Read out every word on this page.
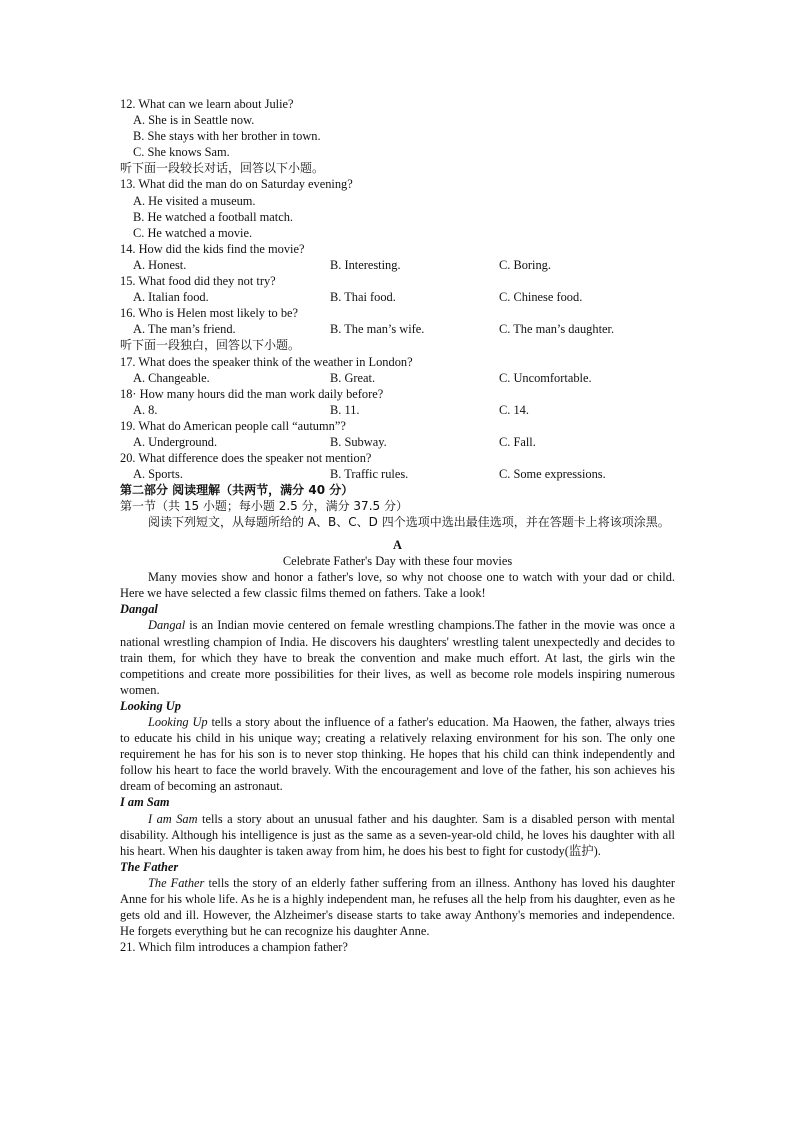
12. What can we learn about Julie?
A. She is in Seattle now.
B. She stays with her brother in town.
C. She knows Sam.
听下面一段较长对话，回答以下小题。
13. What did the man do on Saturday evening?
A. He visited a museum.
B. He watched a football match.
C. He watched a movie.
14. How did the kids find the movie?
A. Honest.	B. Interesting.	C. Boring.
15. What food did they not try?
A. Italian food.	B. Thai food.	C. Chinese food.
16. Who is Helen most likely to be?
A. The man’s friend.	B. The man’s wife.	C. The man’s daughter.
听下面一段独白，回答以下小题。
17. What does the speaker think of the weather in London?
A. Changeable.	B. Great.	C. Uncomfortable.
18· How many hours did the man work daily before?
A. 8.	B. 11.	C. 14.
19. What do American people call “autumn”?
A. Underground.	B. Subway.	C. Fall.
20. What difference does the speaker not mention?
A. Sports.	B. Traffic rules.	C. Some expressions.
第二部分 阅读理解（共两节，满分 40 分）
第一节（共 15 小题；每小题 2.5 分，满分 37.5 分）
阅读下列短文，从每题所给的 A、B、C、D 四个选项中选出最佳选项，并在答题卡上将该项涂黑。
A
Celebrate Father's Day with these four movies
Many movies show and honor a father's love, so why not choose one to watch with your dad or child. Here we have selected a few classic films themed on fathers. Take a look!
Dangal
Dangal is an Indian movie centered on female wrestling champions.The father in the movie was once a national wrestling champion of India. He discovers his daughters' wrestling talent unexpectedly and decides to train them, for which they have to break the convention and make much effort. At last, the girls win the competitions and create more possibilities for their lives, as well as become role models inspiring numerous women.
Looking Up
Looking Up tells a story about the influence of a father's education. Ma Haowen, the father, always tries to educate his child in his unique way; creating a relatively relaxing environment for his son. The only one requirement he has for his son is to never stop thinking. He hopes that his child can think independently and follow his heart to face the world bravely. With the encouragement and love of the father, his son achieves his dream of becoming an astronaut.
I am Sam
I am Sam tells a story about an unusual father and his daughter. Sam is a disabled person with mental disability. Although his intelligence is just as the same as a seven-year-old child, he loves his daughter with all his heart. When his daughter is taken away from him, he does his best to fight for custody(监护).
The Father
The Father tells the story of an elderly father suffering from an illness. Anthony has loved his daughter Anne for his whole life. As he is a highly independent man, he refuses all the help from his daughter, even as he gets old and ill. However, the Alzheimer's disease starts to take away Anthony's memories and independence. He forgets everything but he can recognize his daughter Anne.
21. Which film introduces a champion father?
